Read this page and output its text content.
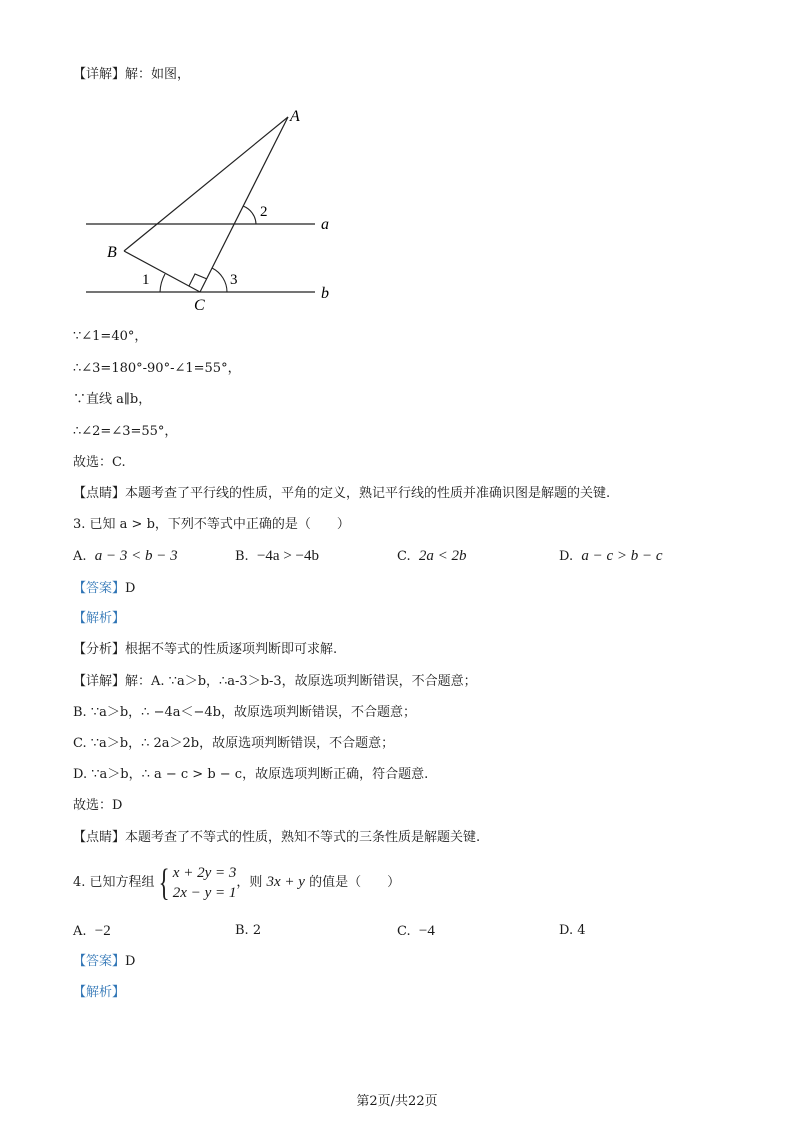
【详解】解：如图，
A
B
C
a
b
1
2
3
∵∠1=40°，
∴∠3=180°-90°-∠1=55°，
∵直线 a∥b，
∴∠2=∠3=55°，
故选：C.
【点睛】本题考查了平行线的性质，平角的定义，熟记平行线的性质并准确识图是解题的关键.
3. 已知 a > b，下列不等式中正确的是（　　）
A. a − 3 < b − 3	B. −4a > −4b	C. 2a < 2b	D. a − c > b − c
【答案】D
【解析】
【分析】根据不等式的性质逐项判断即可求解.
【详解】解：A. ∵a＞b，∴a-3＞b-3，故原选项判断错误，不合题意；
B. ∵a＞b，∴ −4a＜−4b，故原选项判断错误，不合题意；
C. ∵a＞b，∴ 2a＞2b，故原选项判断错误，不合题意；
D. ∵a＞b，∴ a − c > b − c，故原选项判断正确，符合题意.
故选：D
【点睛】本题考查了不等式的性质，熟知不等式的三条性质是解题关键.
4. 已知方程组{ x + 2y = 3
2x − y = 1
，则 3x + y 的值是（　　）
A. −2	B. 2	C. −4	D. 4
【答案】D
【解析】
第2页/共22页
